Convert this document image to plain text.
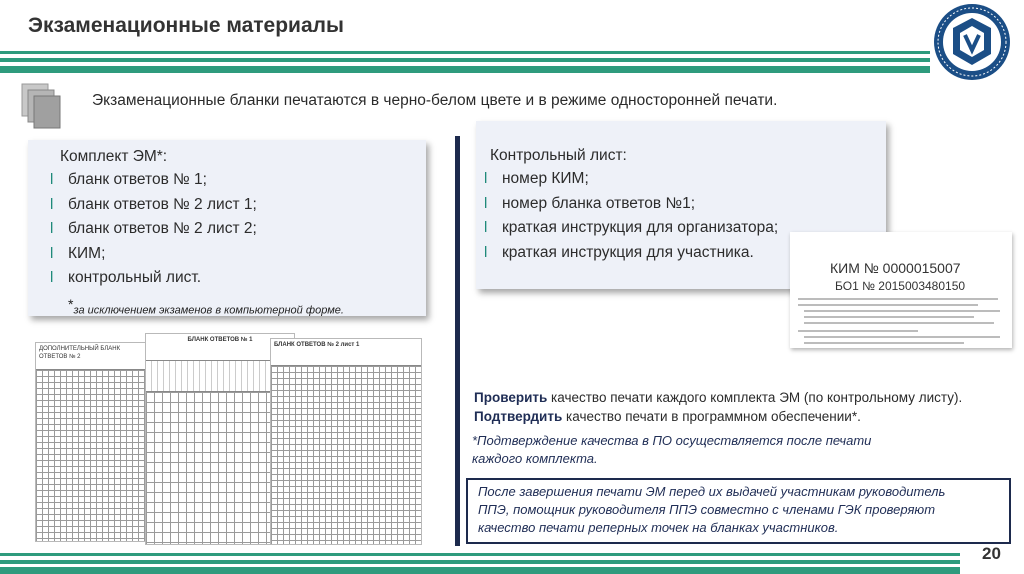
Экзаменационные материалы
Экзаменационные бланки печатаются в черно-белом цвете и в режиме односторонней печати.
Комплект ЭМ*:
l бланк ответов № 1;
l бланк ответов № 2 лист 1;
l бланк ответов № 2 лист 2;
l КИМ;
l контрольный лист.
*за исключением экзаменов в компьютерной форме.
Контрольный лист:
l номер КИМ;
l номер бланка ответов №1;
l краткая инструкция для организатора;
l краткая инструкция для участника.
КИМ № 0000015007
БО1 № 2015003480150
ДОПОЛНИТЕЛЬНЫЙ БЛАНК ОТВЕТОВ № 2
БЛАНК ОТВЕТОВ № 1
БЛАНК ОТВЕТОВ № 2 лист 1
Проверить качество печати каждого комплекта ЭМ (по контрольному листу).
Подтвердить качество печати в программном обеспечении*.
*Подтверждение качества в ПО осуществляется после печати
каждого комплекта.
После завершения печати ЭМ перед их выдачей участникам руководитель
ППЭ, помощник руководителя ППЭ совместно с членами ГЭК проверяют
качество печати реперных точек на бланках участников.
20
